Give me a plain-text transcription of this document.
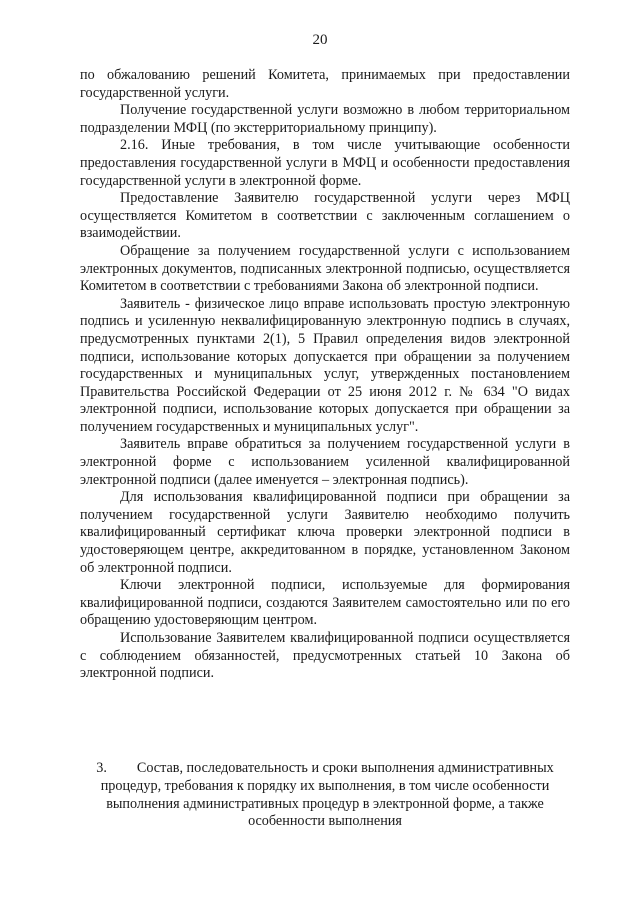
20

по обжалованию решений Комитета, принимаемых при предоставлении государственной услуги.

Получение государственной услуги возможно в любом территориальном подразделении МФЦ (по экстерриториальному принципу).

2.16. Иные требования, в том числе учитывающие особенности предоставления государственной услуги в МФЦ и особенности предоставления государственной услуги в электронной форме.

Предоставление Заявителю государственной услуги через МФЦ осуществляется Комитетом в соответствии с заключенным соглашением о взаимодействии.

Обращение за получением государственной услуги с использованием электронных документов, подписанных электронной подписью, осуществляется Комитетом в соответствии с требованиями Закона об электронной подписи.

Заявитель - физическое лицо вправе использовать простую электронную подпись и усиленную неквалифицированную электронную подпись в случаях, предусмотренных пунктами 2(1), 5 Правил определения видов электронной подписи, использование которых допускается при обращении за получением государственных и муниципальных услуг, утвержденных постановлением Правительства Российской Федерации от 25 июня 2012 г. № 634 "О видах электронной подписи, использование которых допускается при обращении за получением государственных и муниципальных услуг".

Заявитель вправе обратиться за получением государственной услуги в электронной форме с использованием усиленной квалифицированной электронной подписи (далее именуется – электронная подпись).

Для использования квалифицированной подписи при обращении за получением государственной услуги Заявителю необходимо получить квалифицированный сертификат ключа проверки электронной подписи в удостоверяющем центре, аккредитованном в порядке, установленном Законом об электронной подписи.

Ключи электронной подписи, используемые для формирования квалифицированной подписи, создаются Заявителем самостоятельно или по его обращению удостоверяющим центром.

Использование Заявителем квалифицированной подписи осуществляется с соблюдением обязанностей, предусмотренных статьей 10 Закона об электронной подписи.

3. Состав, последовательность и сроки выполнения административных процедур, требования к порядку их выполнения, в том числе особенности выполнения административных процедур в электронной форме, а также особенности выполнения
